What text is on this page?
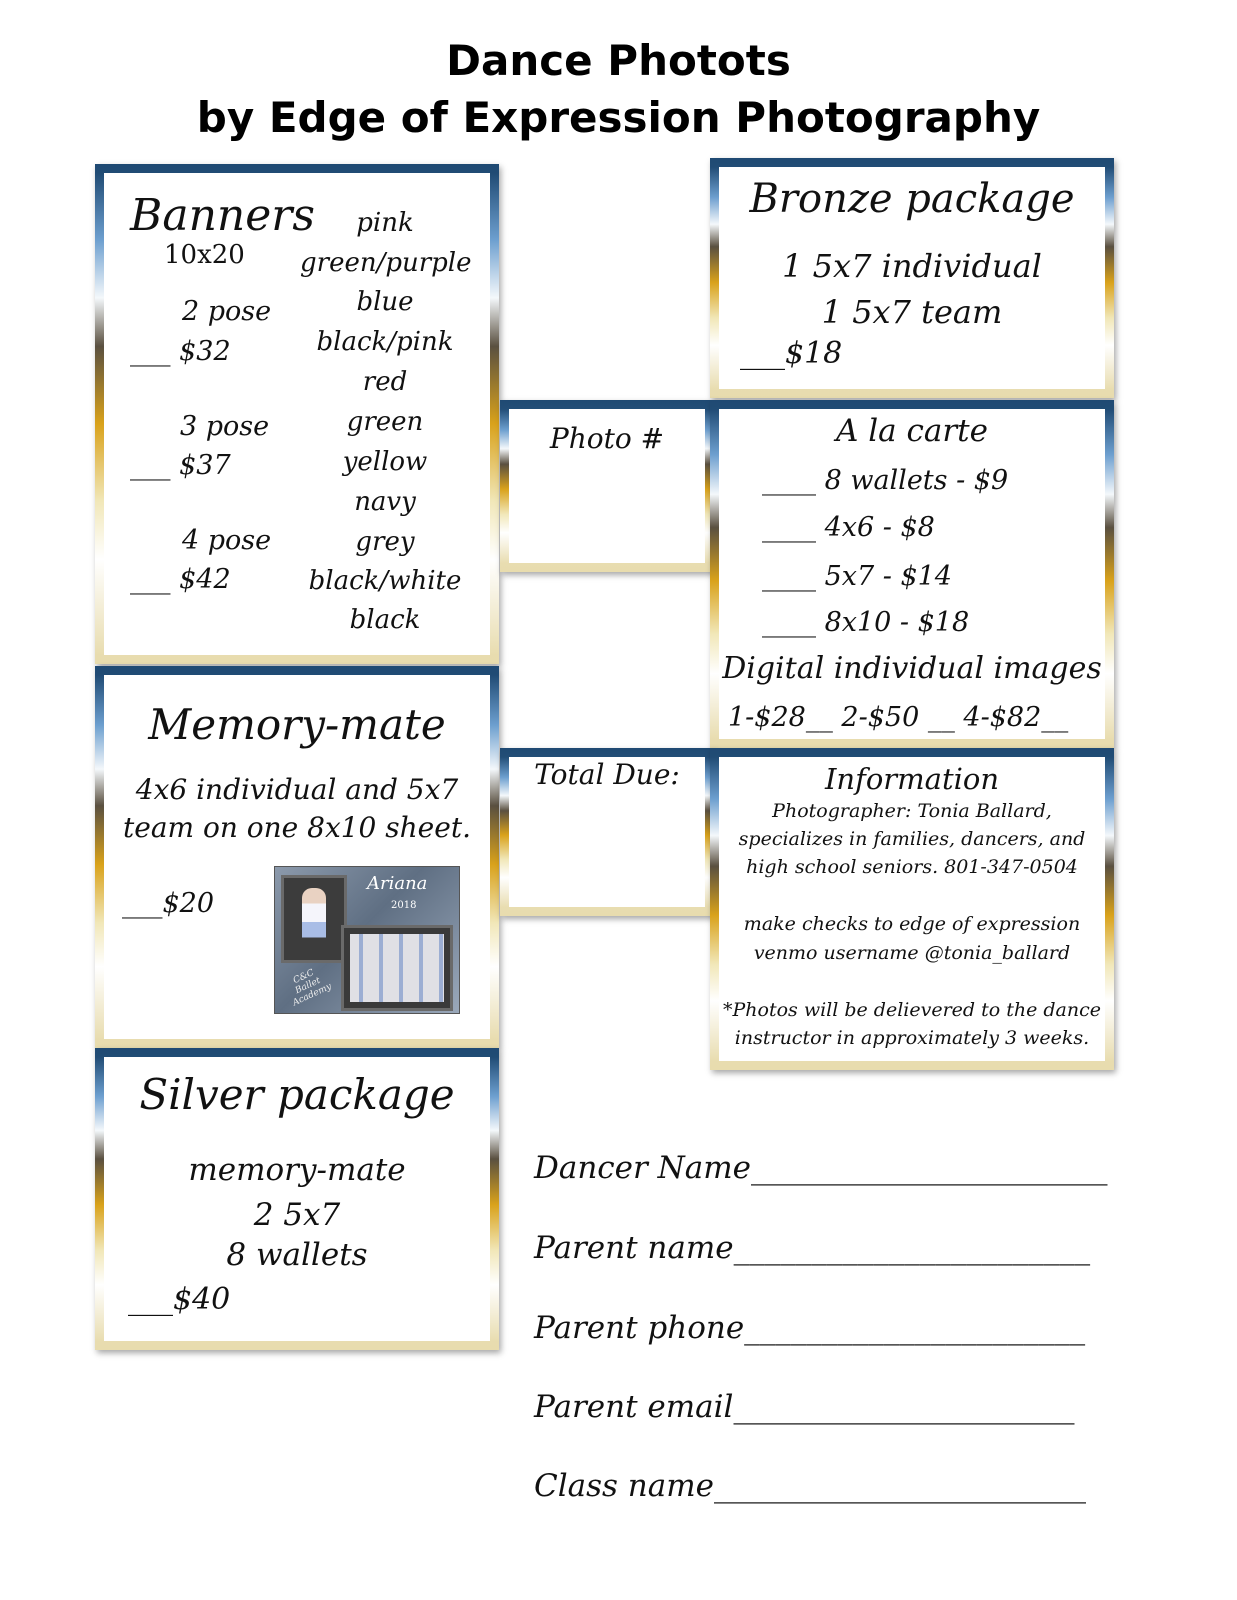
Dance Photots
by Edge of Expression Photography
Banners
10x20
2 pose
___ $32
3 pose
___ $37
4 pose
___ $42
pink
green/purple
blue
black/pink
red
green
yellow
navy
grey
black/white
black
Bronze package
1 5x7 individual
1 5x7 team
___$18
Photo #	A la carte
____ 8 wallets - $9
____ 4x6 - $8
____ 5x7 - $14
____ 8x10 - $18
Digital individual images
1-$28__ 2-$50 __ 4-$82__
Memory-mate
4x6 individual and 5x7
team on one 8x10 sheet.
___$20
Ariana
2018
C&C Ballet Academy
Total Due:	Information
Photographer: Tonia Ballard,
specializes in families, dancers, and
high school seniors. 801-347-0504
make checks to edge of expression
venmo username @tonia_ballard
*Photos will be delievered to the dance
instructor in approximately 3 weeks.
Silver package
memory-mate
2 5x7
8 wallets
___$40
Dancer Name_______________________
Parent name_______________________
Parent phone______________________
Parent email______________________
Class name________________________
